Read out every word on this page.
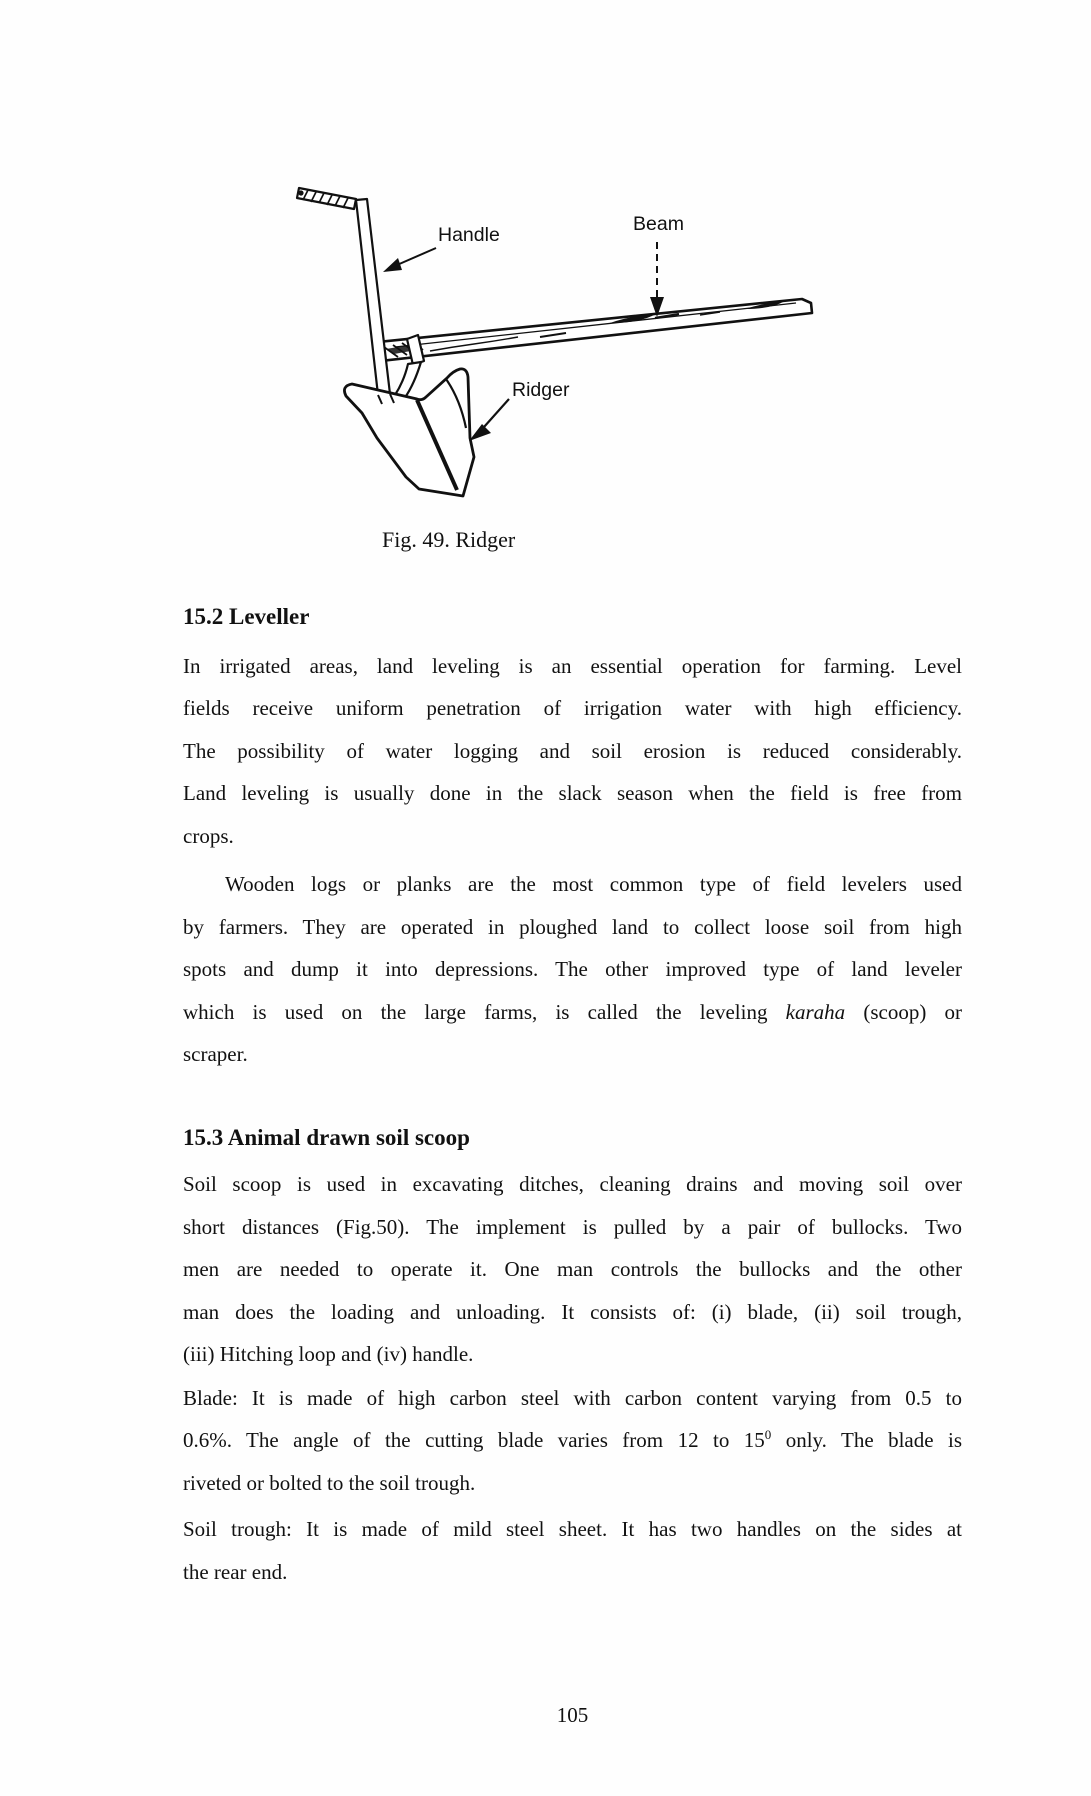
Handle	Beam
Ridger
Fig. 49. Ridger
15.2 Leveller
In irrigated areas, land leveling is an essential operation for farming. Level
fields receive uniform penetration of irrigation water with high efficiency.
The possibility of water logging and soil erosion is reduced considerably.
Land leveling is usually done in the slack season when the field is free from
crops.
Wooden logs or planks are the most common type of field levelers used
by farmers. They are operated in ploughed land to collect loose soil from high
spots and dump it into depressions. The other improved type of land leveler
which is used on the large farms, is called the leveling karaha (scoop) or
scraper.
15.3 Animal drawn soil scoop
Soil scoop is used in excavating ditches, cleaning drains and moving soil over
short distances (Fig.50). The implement is pulled by a pair of bullocks. Two
men are needed to operate it. One man controls the bullocks and the other
man does the loading and unloading. It consists of: (i) blade, (ii) soil trough,
(iii) Hitching loop and (iv) handle.
Blade: It is made of high carbon steel with carbon content varying from 0.5 to
0.6%. The angle of the cutting blade varies from 12 to $15^0$ only. The blade is
riveted or bolted to the soil trough.
Soil trough: It is made of mild steel sheet. It has two handles on the sides at
the rear end.
105
